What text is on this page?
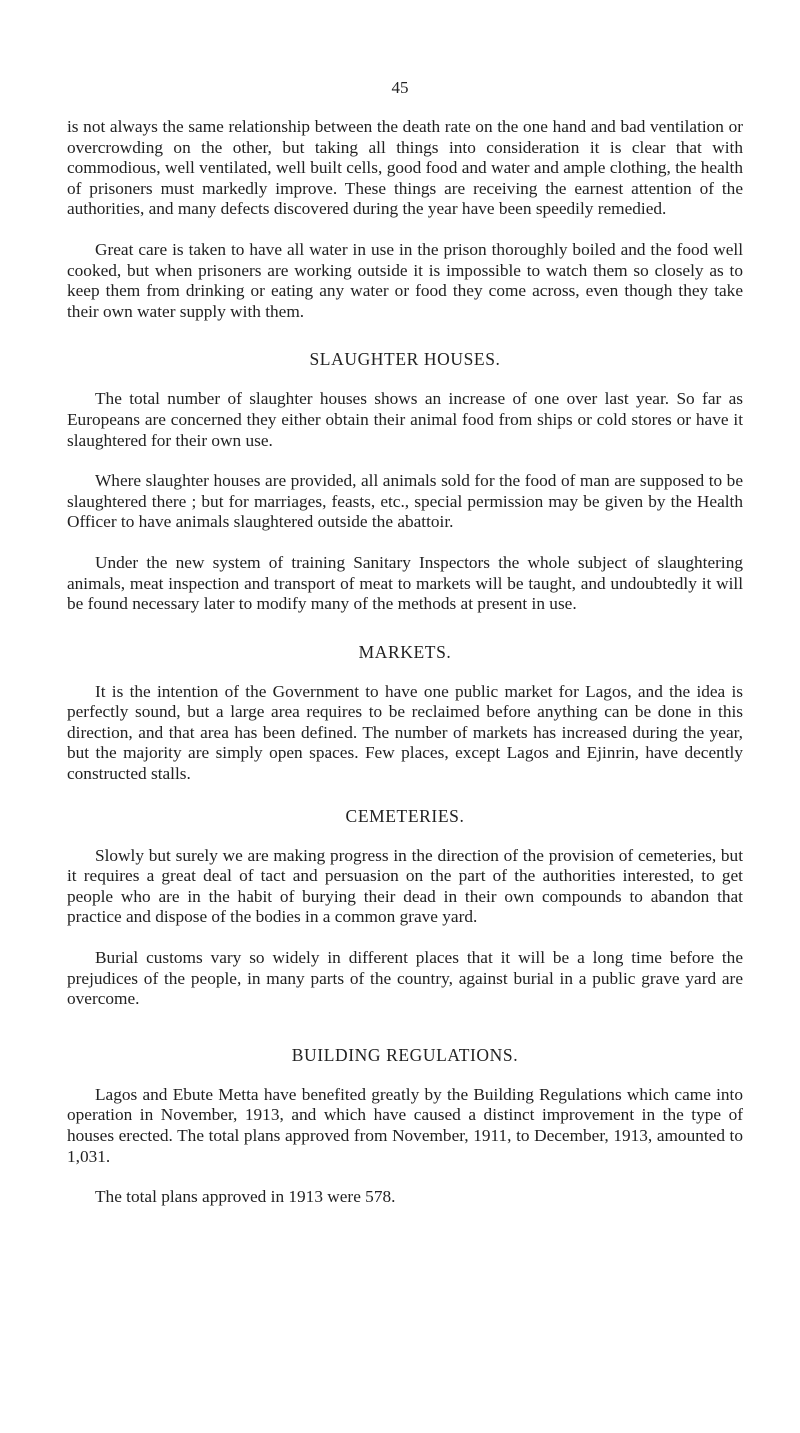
45

is not always the same relationship between the death rate on the one hand and bad ventilation or overcrowding on the other, but taking all things into consideration it is clear that with commodious, well ventilated, well built cells, good food and water and ample clothing, the health of prisoners must markedly improve. These things are receiving the earnest attention of the authorities, and many defects discovered during the year have been speedily remedied.

Great care is taken to have all water in use in the prison thoroughly boiled and the food well cooked, but when prisoners are working outside it is impossible to watch them so closely as to keep them from drinking or eating any water or food they come across, even though they take their own water supply with them.

SLAUGHTER HOUSES.

The total number of slaughter houses shows an increase of one over last year. So far as Europeans are concerned they either obtain their animal food from ships or cold stores or have it slaughtered for their own use.

Where slaughter houses are provided, all animals sold for the food of man are supposed to be slaughtered there ; but for marriages, feasts, etc., special permission may be given by the Health Officer to have animals slaughtered outside the abattoir.

Under the new system of training Sanitary Inspectors the whole subject of slaughtering animals, meat inspection and transport of meat to markets will be taught, and undoubtedly it will be found necessary later to modify many of the methods at present in use.

MARKETS.

It is the intention of the Government to have one public market for Lagos, and the idea is perfectly sound, but a large area requires to be reclaimed before anything can be done in this direction, and that area has been defined. The number of markets has increased during the year, but the majority are simply open spaces. Few places, except Lagos and Ejinrin, have decently constructed stalls.

CEMETERIES.

Slowly but surely we are making progress in the direction of the provision of cemeteries, but it requires a great deal of tact and persuasion on the part of the authorities interested, to get people who are in the habit of burying their dead in their own compounds to abandon that practice and dispose of the bodies in a common grave yard.

Burial customs vary so widely in different places that it will be a long time before the prejudices of the people, in many parts of the country, against burial in a public grave yard are overcome.

BUILDING REGULATIONS.

Lagos and Ebute Metta have benefited greatly by the Building Regulations which came into operation in November, 1913, and which have caused a distinct improvement in the type of houses erected. The total plans approved from November, 1911, to December, 1913, amounted to 1,031.

The total plans approved in 1913 were 578.
